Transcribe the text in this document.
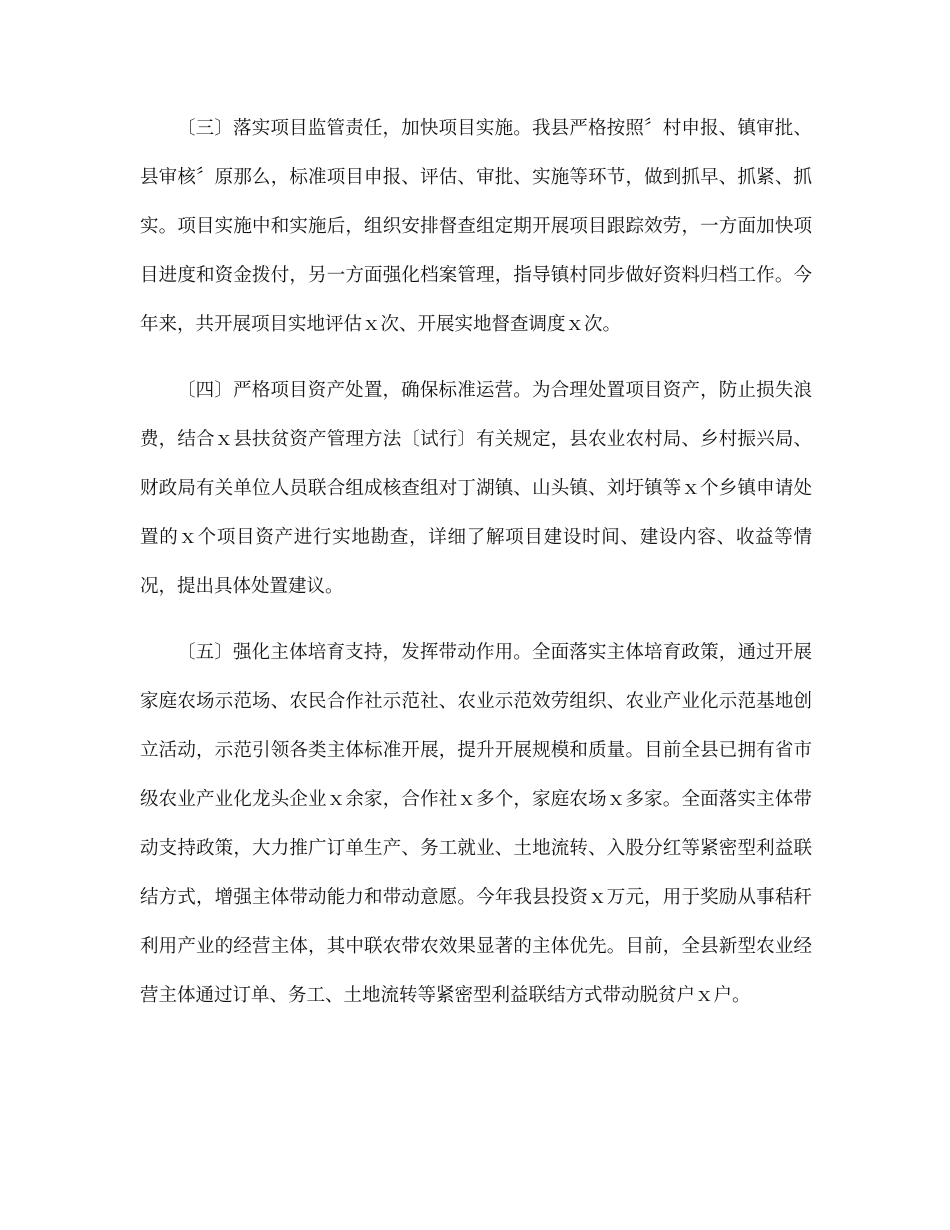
〔三〕落实项目监管责任，加快项目实施。我县严格按照〞村申报、镇审批、县审核〞原那么，标准项目申报、评估、审批、实施等环节，做到抓早、抓紧、抓实。项目实施中和实施后，组织安排督查组定期开展项目跟踪效劳，一方面加快项目进度和资金拨付，另一方面强化档案管理，指导镇村同步做好资料归档工作。今年来，共开展项目实地评估ｘ次、开展实地督查调度ｘ次。

〔四〕严格项目资产处置，确保标准运营。为合理处置项目资产，防止损失浪费，结合ｘ县扶贫资产管理方法〔试行〕有关规定，县农业农村局、乡村振兴局、财政局有关单位人员联合组成核查组对丁湖镇、山头镇、刘圩镇等ｘ个乡镇申请处置的ｘ个项目资产进行实地勘查，详细了解项目建设时间、建设内容、收益等情况，提出具体处置建议。

〔五〕强化主体培育支持，发挥带动作用。全面落实主体培育政策，通过开展家庭农场示范场、农民合作社示范社、农业示范效劳组织、农业产业化示范基地创立活动，示范引领各类主体标准开展，提升开展规模和质量。目前全县已拥有省市级农业产业化龙头企业ｘ余家，合作社ｘ多个，家庭农场ｘ多家。全面落实主体带动支持政策，大力推广订单生产、务工就业、土地流转、入股分红等紧密型利益联结方式，增强主体带动能力和带动意愿。今年我县投资ｘ万元，用于奖励从事秸秆利用产业的经营主体，其中联农带农效果显著的主体优先。目前，全县新型农业经营主体通过订单、务工、土地流转等紧密型利益联结方式带动脱贫户ｘ户。
